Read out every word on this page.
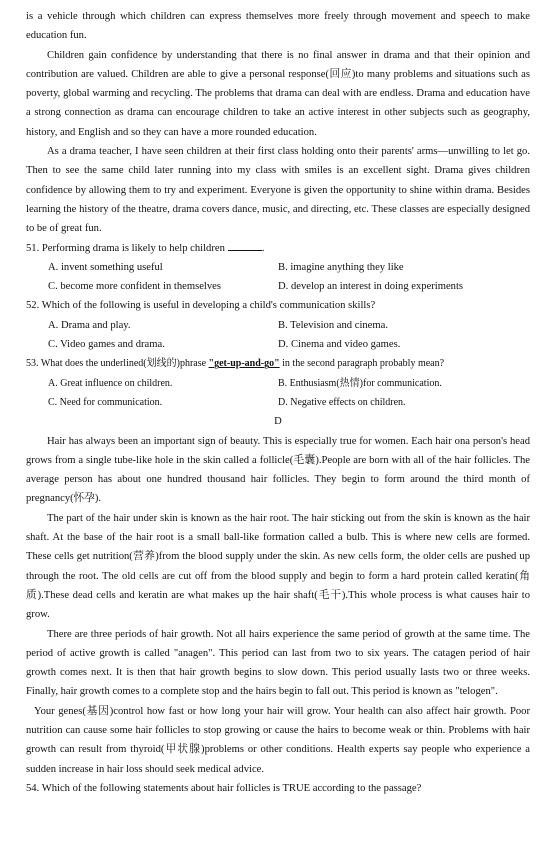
is a vehicle through which children can express themselves more freely through movement and speech to make education fun.

Children gain confidence by understanding that there is no final answer in drama and that their opinion and contribution are valued. Children are able to give a personal response(回应)to many problems and situations such as poverty, global warming and recycling. The problems that drama can deal with are endless. Drama and education have a strong connection as drama can encourage children to take an active interest in other subjects such as geography, history, and English and so they can have a more rounded education.

As a drama teacher, I have seen children at their first class holding onto their parents' arms—unwilling to let go. Then to see the same child later running into my class with smiles is an excellent sight. Drama gives children confidence by allowing them to try and experiment. Everyone is given the opportunity to shine within drama. Besides learning the history of the theatre, drama covers dance, music, and directing, etc. These classes are especially designed to be of great fun.

51. Performing drama is likely to help children	.

A. invent something useful	B. imagine anything they like
C. become more confident in themselves	D. develop an interest in doing experiments

52. Which of the following is useful in developing a child's communication skills?

A. Drama and play.	B. Television and cinema.
C. Video games and drama.	D. Cinema and video games.

53. What does the underlined(划线的)phrase "get-up-and-go" in the second paragraph probably mean?

A. Great influence on children.	B. Enthusiasm(热情)for communication.
C. Need for communication.	D. Negative effects on children.

D

Hair has always been an important sign of beauty. This is especially true for women. Each hair ona person's head grows from a single tube-like hole in the skin called a follicle(毛囊).People are born with all of the hair follicles. The average person has about one hundred thousand hair follicles. They begin to form around the third month of pregnancy(怀孕).

The part of the hair under skin is known as the hair root. The hair sticking out from the skin is known as the hair shaft. At the base of the hair root is a small ball-like formation called a bulb. This is where new cells are formed. These cells get nutrition(营养)from the blood supply under the skin. As new cells form, the older cells are pushed up through the root. The old cells are cut off from the blood supply and begin to form a hard protein called keratin(角质).These dead cells and keratin are what makes up the hair shaft(毛干).This whole process is what causes hair to grow.

There are three periods of hair growth. Not all hairs experience the same period of growth at the same time. The period of active growth is called "anagen". This period can last from two to six years. The catagen period of hair growth comes next. It is then that hair growth begins to slow down. This period usually lasts two or three weeks. Finally, hair growth comes to a complete stop and the hairs begin to fall out. This period is known as "telogen".

Your genes(基因)control how fast or how long your hair will grow. Your health can also affect hair growth. Poor nutrition can cause some hair follicles to stop growing or cause the hairs to become weak or thin. Problems with hair growth can result from thyroid(甲状腺)problems or other conditions. Health experts say people who experience a sudden increase in hair loss should seek medical advice.

54. Which of the following statements about hair follicles is TRUE according to the passage?
